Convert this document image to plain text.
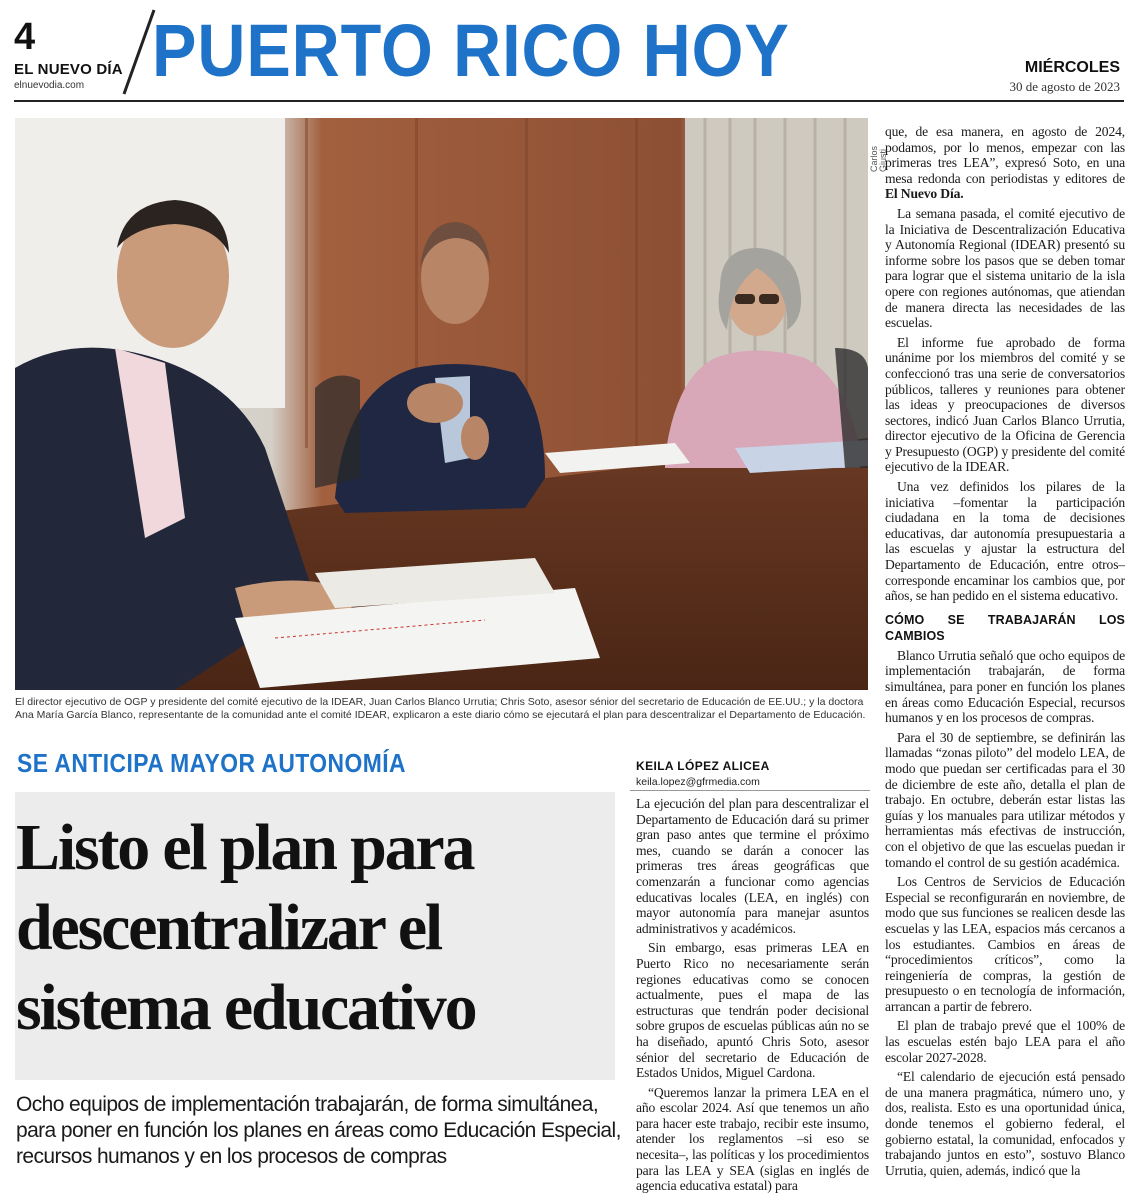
4
EL NUEVO DÍA
elnuevodia.com PUERTO RICO HOY	MIÉRCOLES
30 de agosto de 2023
Carlos Giusti

El director ejecutivo de OGP y presidente del comité ejecutivo de la IDEAR, Juan Carlos Blanco Urrutia; Chris Soto, asesor sénior del secretario de Educación de EE.UU.; y la doctora Ana María García Blanco, representante de la comunidad ante el comité IDEAR, explicaron a este diario cómo se ejecutará el plan para descentralizar el Departamento de Educación.

SE ANTICIPA MAYOR AUTONOMÍA
Listo el plan para descentralizar el sistema educativo

Ocho equipos de implementación trabajarán, de forma simultánea, para poner en función los planes en áreas como Educación Especial, recursos humanos y en los procesos de compras

KEILA LÓPEZ ALICEA
keila.lopez@gfrmedia.com

La ejecución del plan para descentralizar el Departamento de Educación dará su primer gran paso antes que termine el próximo mes, cuando se darán a conocer las primeras tres áreas geográficas que comenzarán a funcionar como agencias educativas locales (LEA, en inglés) con mayor autonomía para manejar asuntos administrativos y académicos.

Sin embargo, esas primeras LEA en Puerto Rico no necesariamente serán regiones educativas como se conocen actualmente, pues el mapa de las estructuras que tendrán poder decisional sobre grupos de escuelas públicas aún no se ha diseñado, apuntó Chris Soto, asesor sénior del secretario de Educación de Estados Unidos, Miguel Cardona.

“Queremos lanzar la primera LEA en el año escolar 2024. Así que tenemos un año para hacer este trabajo, recibir este insumo, atender los reglamentos –si eso se necesita–, las políticas y los procedimientos para las LEA y SEA (siglas en inglés de agencia educativa estatal) para

que, de esa manera, en agosto de 2024, podamos, por lo menos, empezar con las primeras tres LEA”, expresó Soto, en una mesa redonda con periodistas y editores de El Nuevo Día.

La semana pasada, el comité ejecutivo de la Iniciativa de Descentralización Educativa y Autonomía Regional (IDEAR) presentó su informe sobre los pasos que se deben tomar para lograr que el sistema unitario de la isla opere con regiones autónomas, que atiendan de manera directa las necesidades de las escuelas.

El informe fue aprobado de forma unánime por los miembros del comité y se confeccionó tras una serie de conversatorios públicos, talleres y reuniones para obtener las ideas y preocupaciones de diversos sectores, indicó Juan Carlos Blanco Urrutia, director ejecutivo de la Oficina de Gerencia y Presupuesto (OGP) y presidente del comité ejecutivo de la IDEAR.

Una vez definidos los pilares de la iniciativa –fomentar la participación ciudadana en la toma de decisiones educativas, dar autonomía presupuestaria a las escuelas y ajustar la estructura del Departamento de Educación, entre otros– corresponde encaminar los cambios que, por años, se han pedido en el sistema educativo.

CÓMO SE TRABAJARÁN LOS CAMBIOS

Blanco Urrutia señaló que ocho equipos de implementación trabajarán, de forma simultánea, para poner en función los planes en áreas como Educación Especial, recursos humanos y en los procesos de compras.

Para el 30 de septiembre, se definirán las llamadas “zonas piloto” del modelo LEA, de modo que puedan ser certificadas para el 30 de diciembre de este año, detalla el plan de trabajo. En octubre, deberán estar listas las guías y los manuales para utilizar métodos y herramientas más efectivas de instrucción, con el objetivo de que las escuelas puedan ir tomando el control de su gestión académica.

Los Centros de Servicios de Educación Especial se reconfigurarán en noviembre, de modo que sus funciones se realicen desde las escuelas y las LEA, espacios más cercanos a los estudiantes. Cambios en áreas de “procedimientos críticos”, como la reingeniería de compras, la gestión de presupuesto o en tecnología de información, arrancan a partir de febrero.

El plan de trabajo prevé que el 100% de las escuelas estén bajo LEA para el año escolar 2027-2028.

“El calendario de ejecución está pensado de una manera pragmática, número uno, y dos, realista. Esto es una oportunidad única, donde tenemos el gobierno federal, el gobierno estatal, la comunidad, enfocados y trabajando juntos en esto”, sostuvo Blanco Urrutia, quien, además, indicó que la
